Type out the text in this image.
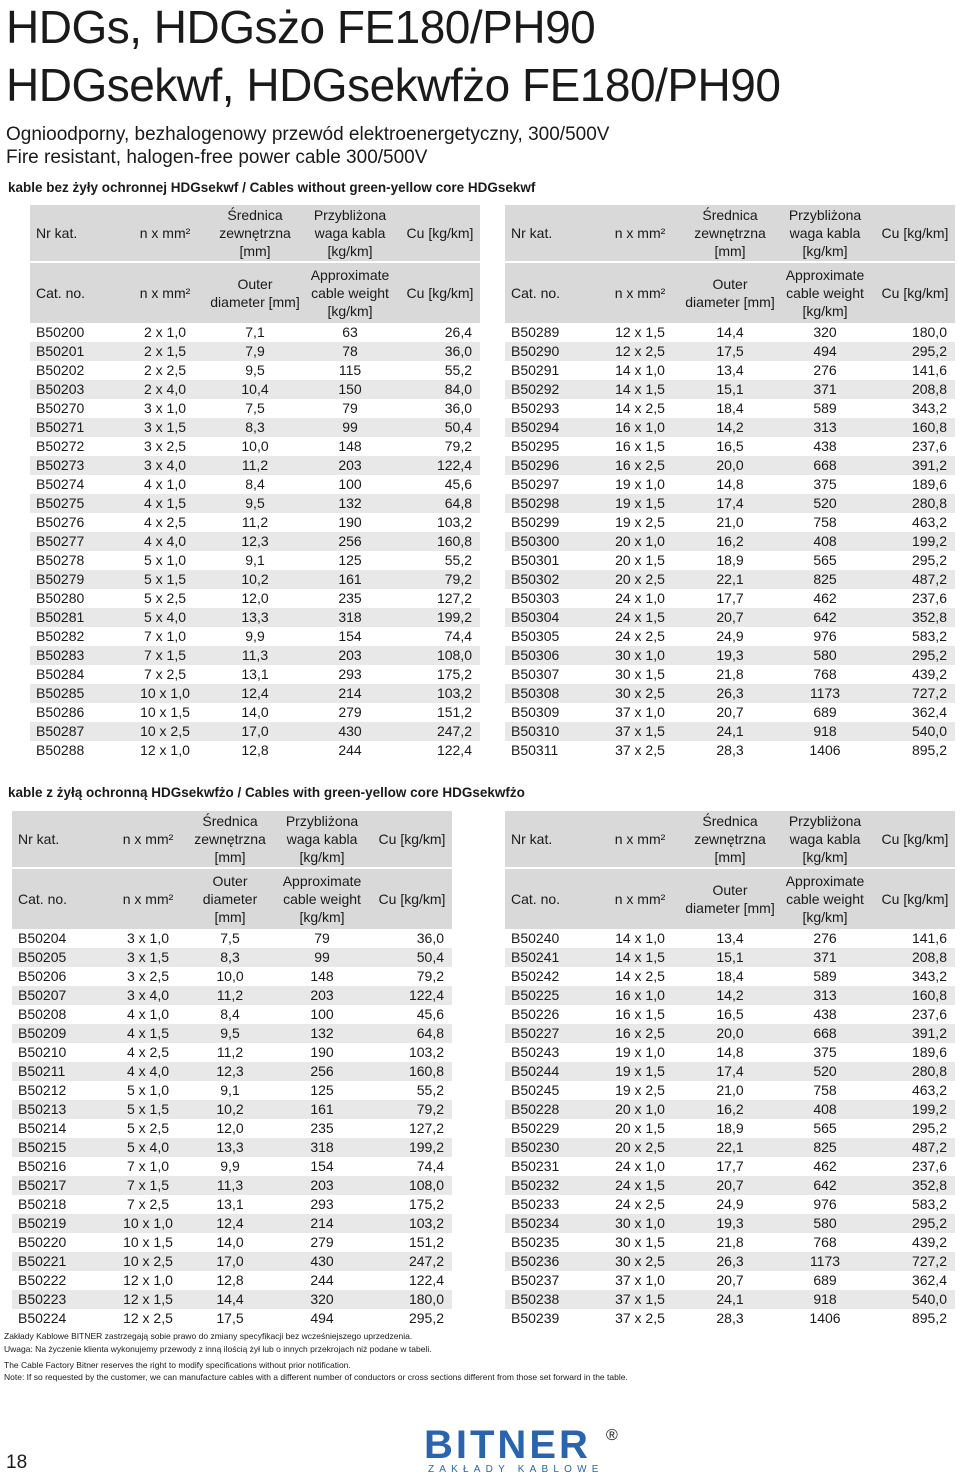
HDGs, HDGsżo FE180/PH90
HDGsekwf, HDGsekwfżo FE180/PH90
Ognioodporny, bezhalogenowy przewód elektroenergetyczny, 300/500V
Fire resistant, halogen-free power cable 300/500V
kable bez żyły ochronnej HDGsekwf / Cables without green-yellow core HDGsekwf
Nr kat.	n x mm²	Średnica zewnętrzna [mm]	Przybliżona waga kabla [kg/km]	Cu [kg/km]

Cat. no.	n x mm²	Outer diameter [mm]	Approximate cable weight [kg/km]	Cu [kg/km]
B50200	2 x 1,0	7,1	63	26,4
B50201	2 x 1,5	7,9	78	36,0
B50202	2 x 2,5	9,5	115	55,2
B50203	2 x 4,0	10,4	150	84,0
B50270	3 x 1,0	7,5	79	36,0
B50271	3 x 1,5	8,3	99	50,4
B50272	3 x 2,5	10,0	148	79,2
B50273	3 x 4,0	11,2	203	122,4
B50274	4 x 1,0	8,4	100	45,6
B50275	4 x 1,5	9,5	132	64,8
B50276	4 x 2,5	11,2	190	103,2
B50277	4 x 4,0	12,3	256	160,8
B50278	5 x 1,0	9,1	125	55,2
B50279	5 x 1,5	10,2	161	79,2
B50280	5 x 2,5	12,0	235	127,2
B50281	5 x 4,0	13,3	318	199,2
B50282	7 x 1,0	9,9	154	74,4
B50283	7 x 1,5	11,3	203	108,0
B50284	7 x 2,5	13,1	293	175,2
B50285	10 x 1,0	12,4	214	103,2
B50286	10 x 1,5	14,0	279	151,2
B50287	10 x 2,5	17,0	430	247,2
B50288	12 x 1,0	12,8	244	122,4
Nr kat.	n x mm²	Średnica zewnętrzna [mm]	Przybliżona waga kabla [kg/km]	Cu [kg/km]

Cat. no.	n x mm²	Outer diameter [mm]	Approximate cable weight [kg/km]	Cu [kg/km]
B50289	12 x 1,5	14,4	320	180,0
B50290	12 x 2,5	17,5	494	295,2
B50291	14 x 1,0	13,4	276	141,6
B50292	14 x 1,5	15,1	371	208,8
B50293	14 x 2,5	18,4	589	343,2
B50294	16 x 1,0	14,2	313	160,8
B50295	16 x 1,5	16,5	438	237,6
B50296	16 x 2,5	20,0	668	391,2
B50297	19 x 1,0	14,8	375	189,6
B50298	19 x 1,5	17,4	520	280,8
B50299	19 x 2,5	21,0	758	463,2
B50300	20 x 1,0	16,2	408	199,2
B50301	20 x 1,5	18,9	565	295,2
B50302	20 x 2,5	22,1	825	487,2
B50303	24 x 1,0	17,7	462	237,6
B50304	24 x 1,5	20,7	642	352,8
B50305	24 x 2,5	24,9	976	583,2
B50306	30 x 1,0	19,3	580	295,2
B50307	30 x 1,5	21,8	768	439,2
B50308	30 x 2,5	26,3	1173	727,2
B50309	37 x 1,0	20,7	689	362,4
B50310	37 x 1,5	24,1	918	540,0
B50311	37 x 2,5	28,3	1406	895,2
kable z żyłą ochronną HDGsekwfżo / Cables with green-yellow core HDGsekwfżo
Nr kat.	n x mm²	Średnica zewnętrzna [mm]	Przybliżona waga kabla [kg/km]	Cu [kg/km]

Cat. no.	n x mm²	Outer diameter [mm]	Approximate cable weight [kg/km]	Cu [kg/km]
B50204	3 x 1,0	7,5	79	36,0
B50205	3 x 1,5	8,3	99	50,4
B50206	3 x 2,5	10,0	148	79,2
B50207	3 x 4,0	11,2	203	122,4
B50208	4 x 1,0	8,4	100	45,6
B50209	4 x 1,5	9,5	132	64,8
B50210	4 x 2,5	11,2	190	103,2
B50211	4 x 4,0	12,3	256	160,8
B50212	5 x 1,0	9,1	125	55,2
B50213	5 x 1,5	10,2	161	79,2
B50214	5 x 2,5	12,0	235	127,2
B50215	5 x 4,0	13,3	318	199,2
B50216	7 x 1,0	9,9	154	74,4
B50217	7 x 1,5	11,3	203	108,0
B50218	7 x 2,5	13,1	293	175,2
B50219	10 x 1,0	12,4	214	103,2
B50220	10 x 1,5	14,0	279	151,2
B50221	10 x 2,5	17,0	430	247,2
B50222	12 x 1,0	12,8	244	122,4
B50223	12 x 1,5	14,4	320	180,0
B50224	12 x 2,5	17,5	494	295,2
Nr kat.	n x mm²	Średnica zewnętrzna [mm]	Przybliżona waga kabla [kg/km]	Cu [kg/km]

Cat. no.	n x mm²	Outer diameter [mm]	Approximate cable weight [kg/km]	Cu [kg/km]
B50240	14 x 1,0	13,4	276	141,6
B50241	14 x 1,5	15,1	371	208,8
B50242	14 x 2,5	18,4	589	343,2
B50225	16 x 1,0	14,2	313	160,8
B50226	16 x 1,5	16,5	438	237,6
B50227	16 x 2,5	20,0	668	391,2
B50243	19 x 1,0	14,8	375	189,6
B50244	19 x 1,5	17,4	520	280,8
B50245	19 x 2,5	21,0	758	463,2
B50228	20 x 1,0	16,2	408	199,2
B50229	20 x 1,5	18,9	565	295,2
B50230	20 x 2,5	22,1	825	487,2
B50231	24 x 1,0	17,7	462	237,6
B50232	24 x 1,5	20,7	642	352,8
B50233	24 x 2,5	24,9	976	583,2
B50234	30 x 1,0	19,3	580	295,2
B50235	30 x 1,5	21,8	768	439,2
B50236	30 x 2,5	26,3	1173	727,2
B50237	37 x 1,0	20,7	689	362,4
B50238	37 x 1,5	24,1	918	540,0
B50239	37 x 2,5	28,3	1406	895,2
Zakłady Kablowe BITNER zastrzegają sobie prawo do zmiany specyfikacji bez wcześniejszego uprzedzenia.
Uwaga: Na życzenie klienta wykonujemy przewody z inną ilością żył lub o innych przekrojach niż podane w tabeli.
The Cable Factory Bitner reserves the right to modify specifications without prior notification.
Note: If so requested by the customer, we can manufacture cables with a different number of conductors or cross sections different from those set forward in the table.
18	BITNER ®
ZAKŁADY KABLOWE
